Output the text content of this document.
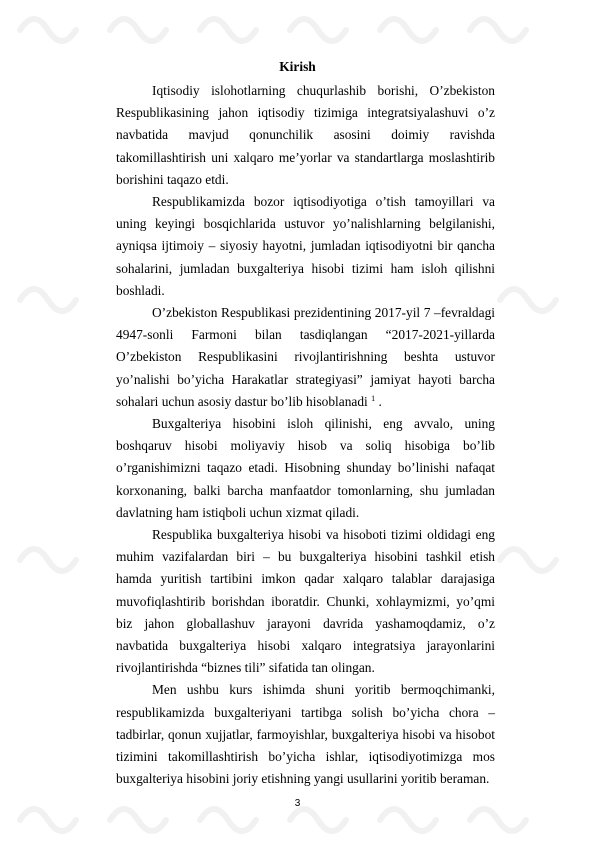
Kirish

Iqtisodiy islohotlarning chuqurlashib borishi, O’zbekiston Respublikasining jahon iqtisodiy tizimiga integratsiyalashuvi o’z navbatida mavjud qonunchilik asosini doimiy ravishda takomillashtirish uni xalqaro me’yorlar va standartlarga moslashtirib borishini taqazo etdi.

Respublikamizda bozor iqtisodiyotiga o’tish tamoyillari va uning keyingi bosqichlarida ustuvor yo’nalishlarning belgilanishi, ayniqsa ijtimoiy – siyosiy hayotni, jumladan iqtisodiyotni bir qancha sohalarini, jumladan buxgalteriya hisobi tizimi ham isloh qilishni boshladi.

O’zbekiston Respublikasi prezidentining 2017-yil 7 –fevraldagi 4947-sonli Farmoni bilan tasdiqlangan “2017-2021-yillarda O’zbekiston Respublikasini rivojlantirishning beshta ustuvor yo’nalishi bo’yicha Harakatlar strategiyasi” jamiyat hayoti barcha sohalari uchun asosiy dastur bo’lib hisoblanadi $^1$ .

Buxgalteriya hisobini isloh qilinishi, eng avvalo, uning boshqaruv hisobi moliyaviy hisob va soliq hisobiga bo’lib o’rganishimizni taqazo etadi. Hisobning shunday bo’linishi nafaqat korxonaning, balki barcha manfaatdor tomonlarning, shu jumladan davlatning ham istiqboli uchun xizmat qiladi.

Respublika buxgalteriya hisobi va hisoboti tizimi oldidagi eng muhim vazifalardan biri – bu buxgalteriya hisobini tashkil etish hamda yuritish tartibini imkon qadar xalqaro talablar darajasiga muvofiqlashtirib borishdan iboratdir. Chunki, xohlaymizmi, yo’qmi biz jahon globallashuv jarayoni davrida yashamoqdamiz, o’z navbatida buxgalteriya hisobi xalqaro integratsiya jarayonlarini rivojlantirishda “biznes tili” sifatida tan olingan.

Men ushbu kurs ishimda shuni yoritib bermoqchimanki, respublikamizda buxgalteriyani tartibga solish bo’yicha chora – tadbirlar, qonun xujjatlar, farmoyishlar, buxgalteriya hisobi va hisobot tizimini takomillashtirish bo’yicha ishlar, iqtisodiyotimizga mos buxgalteriya hisobini joriy etishning yangi usullarini yoritib beraman.

3
